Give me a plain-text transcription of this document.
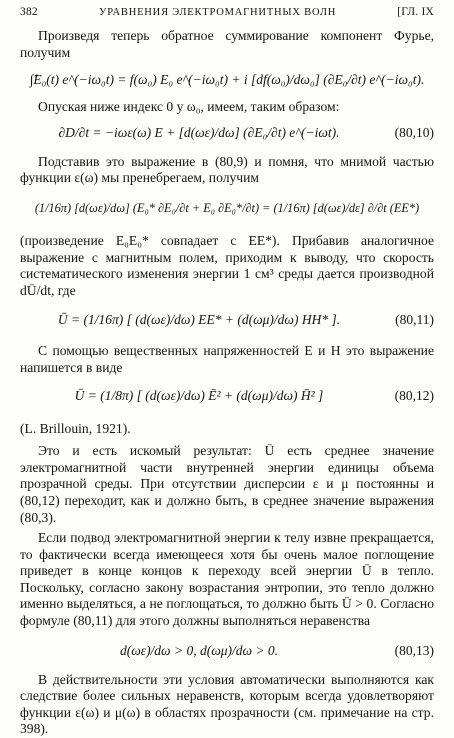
382	УРАВНЕНИЯ ЭЛЕКТРОМАГНИТНЫХ ВОЛН	[ГЛ. IX

Произведя теперь обратное суммирование компонент Фурье, получим

∫̂E₀(t) e^(−iω₀t) = f(ω₀) E₀ e^(−iω₀t) + i [df(ω₀)/dω₀] (∂E₀/∂t) e^(−iω₀t).

Опуская ниже индекс 0 у ω₀, имеем, таким образом:

∂D/∂t = −iωε(ω) E + [d(ωε)/dω] (∂E₀/∂t) e^(−iωt).	(80,10)

Подставив это выражение в (80,9) и помня, что мнимой частью функции ε(ω) мы пренебрегаем, получим

(1/16π) [d(ωε)/dω] (E₀* ∂E₀/∂t + E₀ ∂E₀*/∂t) = (1/16π) [d(ωε)/dε] ∂/∂t (EE*)

(произведение E₀E₀* совпадает с EE*). Прибавив аналогичное выражение с магнитным полем, приходим к выводу, что скорость систематического изменения энергии 1 см³ среды дается производной dŪ/dt, где

Ū = (1/16π) [ (d(ωε)/dω) EE* + (d(ωμ)/dω) HH* ].	(80,11)

С помощью вещественных напряженностей E и H это выражение напишется в виде

Ū = (1/8π) [ (d(ωε)/dω) Ē² + (d(ωμ)/dω) H̄² ]	(80,12)

(L. Brillouin, 1921).

Это и есть искомый результат: Ū есть среднее значение электромагнитной части внутренней энергии единицы объема прозрачной среды. При отсутствии дисперсии ε и μ постоянны и (80,12) переходит, как и должно быть, в среднее значение выражения (80,3).

Если подвод электромагнитной энергии к телу извне прекращается, то фактически всегда имеющееся хотя бы очень малое поглощение приведет в конце концов к переходу всей энергии Ū в тепло. Поскольку, согласно закону возрастания энтропии, это тепло должно именно выделяться, а не поглощаться, то должно быть Ū > 0. Согласно формуле (80,11) для этого должны выполняться неравенства

d(ωε)/dω > 0, d(ωμ)/dω > 0.	(80,13)

В действительности эти условия автоматически выполняются как следствие более сильных неравенств, которым всегда удовлетворяют функции ε(ω) и μ(ω) в областях прозрачности (см. примечание на стр. 398).
